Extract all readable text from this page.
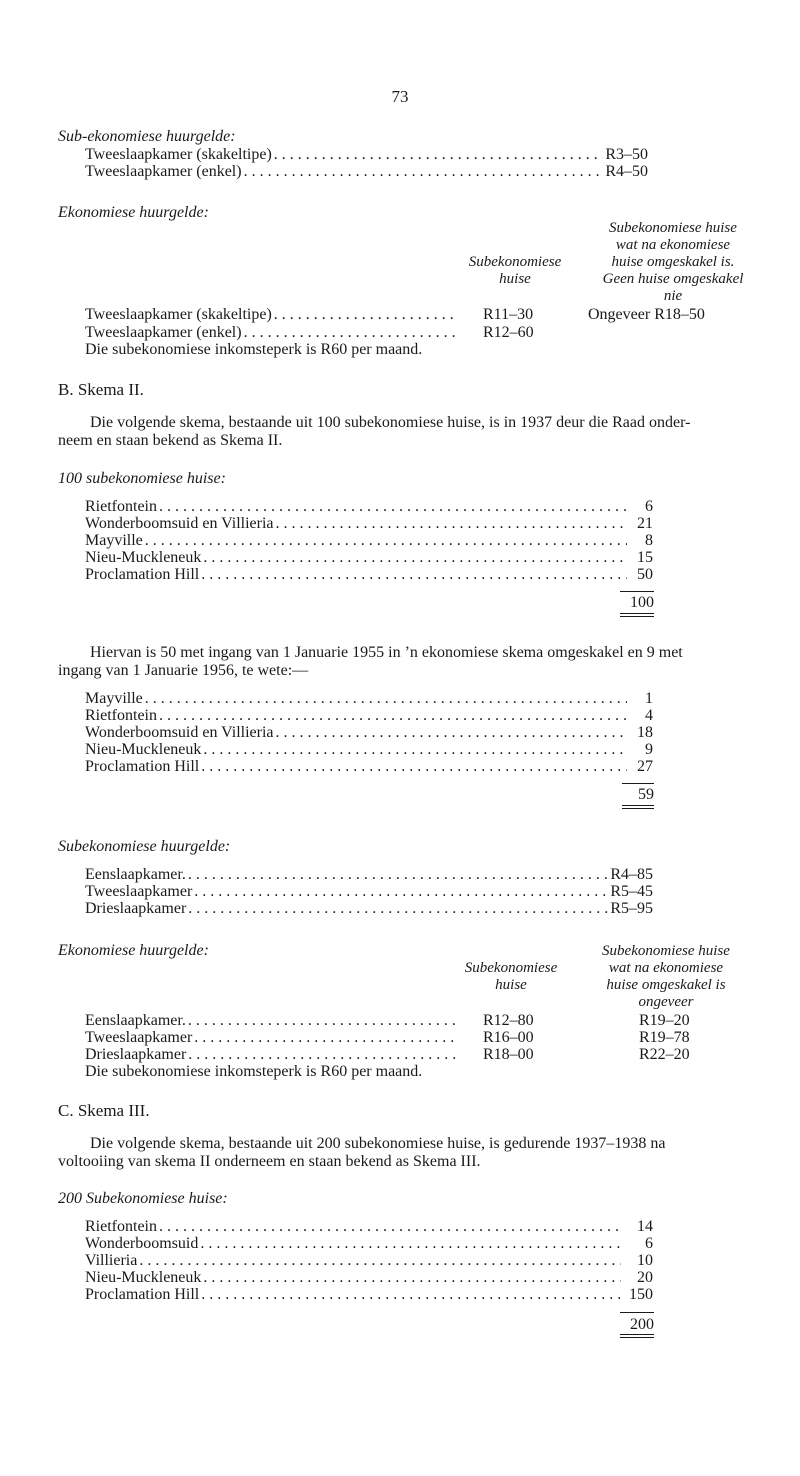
73
Sub-ekonomiese huurgelde:
Tweeslaapkamer (skakeltipe) . . .	R3–50
Tweeslaapkamer (enkel) . . .	R4–50
Ekonomiese huurgelde:
Subekonomiese
huise
Subekonomiese huise
wat na ekonomiese
huise omgeskakel is.
Geen huise omgeskakel
nie
Tweeslaapkamer (skakeltipe) . . .	R11–30	Ongeveer R18–50
Tweeslaapkamer (enkel) . . .	R12–60
Die subekonomiese inkomsteperk is R60 per maand.
B. Skema II.
Die volgende skema, bestaande uit 100 subekonomiese huise, is in 1937 deur die Raad onder-
neem en staan bekend as Skema II.
100 subekonomiese huise:
Rietfontein . . .	6
Wonderboomsuid en Villieria . . .	21
Mayville . . .	8
Nieu-Muckleneuk . . .	15
Proclamation Hill . . .	50
100
Hiervan is 50 met ingang van 1 Januarie 1955 in ’n ekonomiese skema omgeskakel en 9 met
ingang van 1 Januarie 1956, te wete:—
Mayville . . .	1
Rietfontein . . .	4
Wonderboomsuid en Villieria . . .	18
Nieu-Muckleneuk . . .	9
Proclamation Hill . . .	27
59
Subekonomiese huurgelde:
Eenslaapkamer. . . .	R4–85
Tweeslaapkamer . . .	R5–45
Drieslaapkamer . . .	R5–95
Ekonomiese huurgelde:
Subekonomiese
huise
Subekonomiese huise
wat na ekonomiese
huise omgeskakel is
ongeveer
Eenslaapkamer. . . .	R12–80	R19–20
Tweeslaapkamer . . .	R16–00	R19–78
Drieslaapkamer . . .	R18–00	R22–20
Die subekonomiese inkomsteperk is R60 per maand.
C. Skema III.
Die volgende skema, bestaande uit 200 subekonomiese huise, is gedurende 1937–1938 na
voltooiing van skema II onderneem en staan bekend as Skema III.
200 Subekonomiese huise:
Rietfontein . . .	14
Wonderboomsuid . . .	6
Villieria . . .	10
Nieu-Muckleneuk . . .	20
Proclamation Hill . . .	150
200
